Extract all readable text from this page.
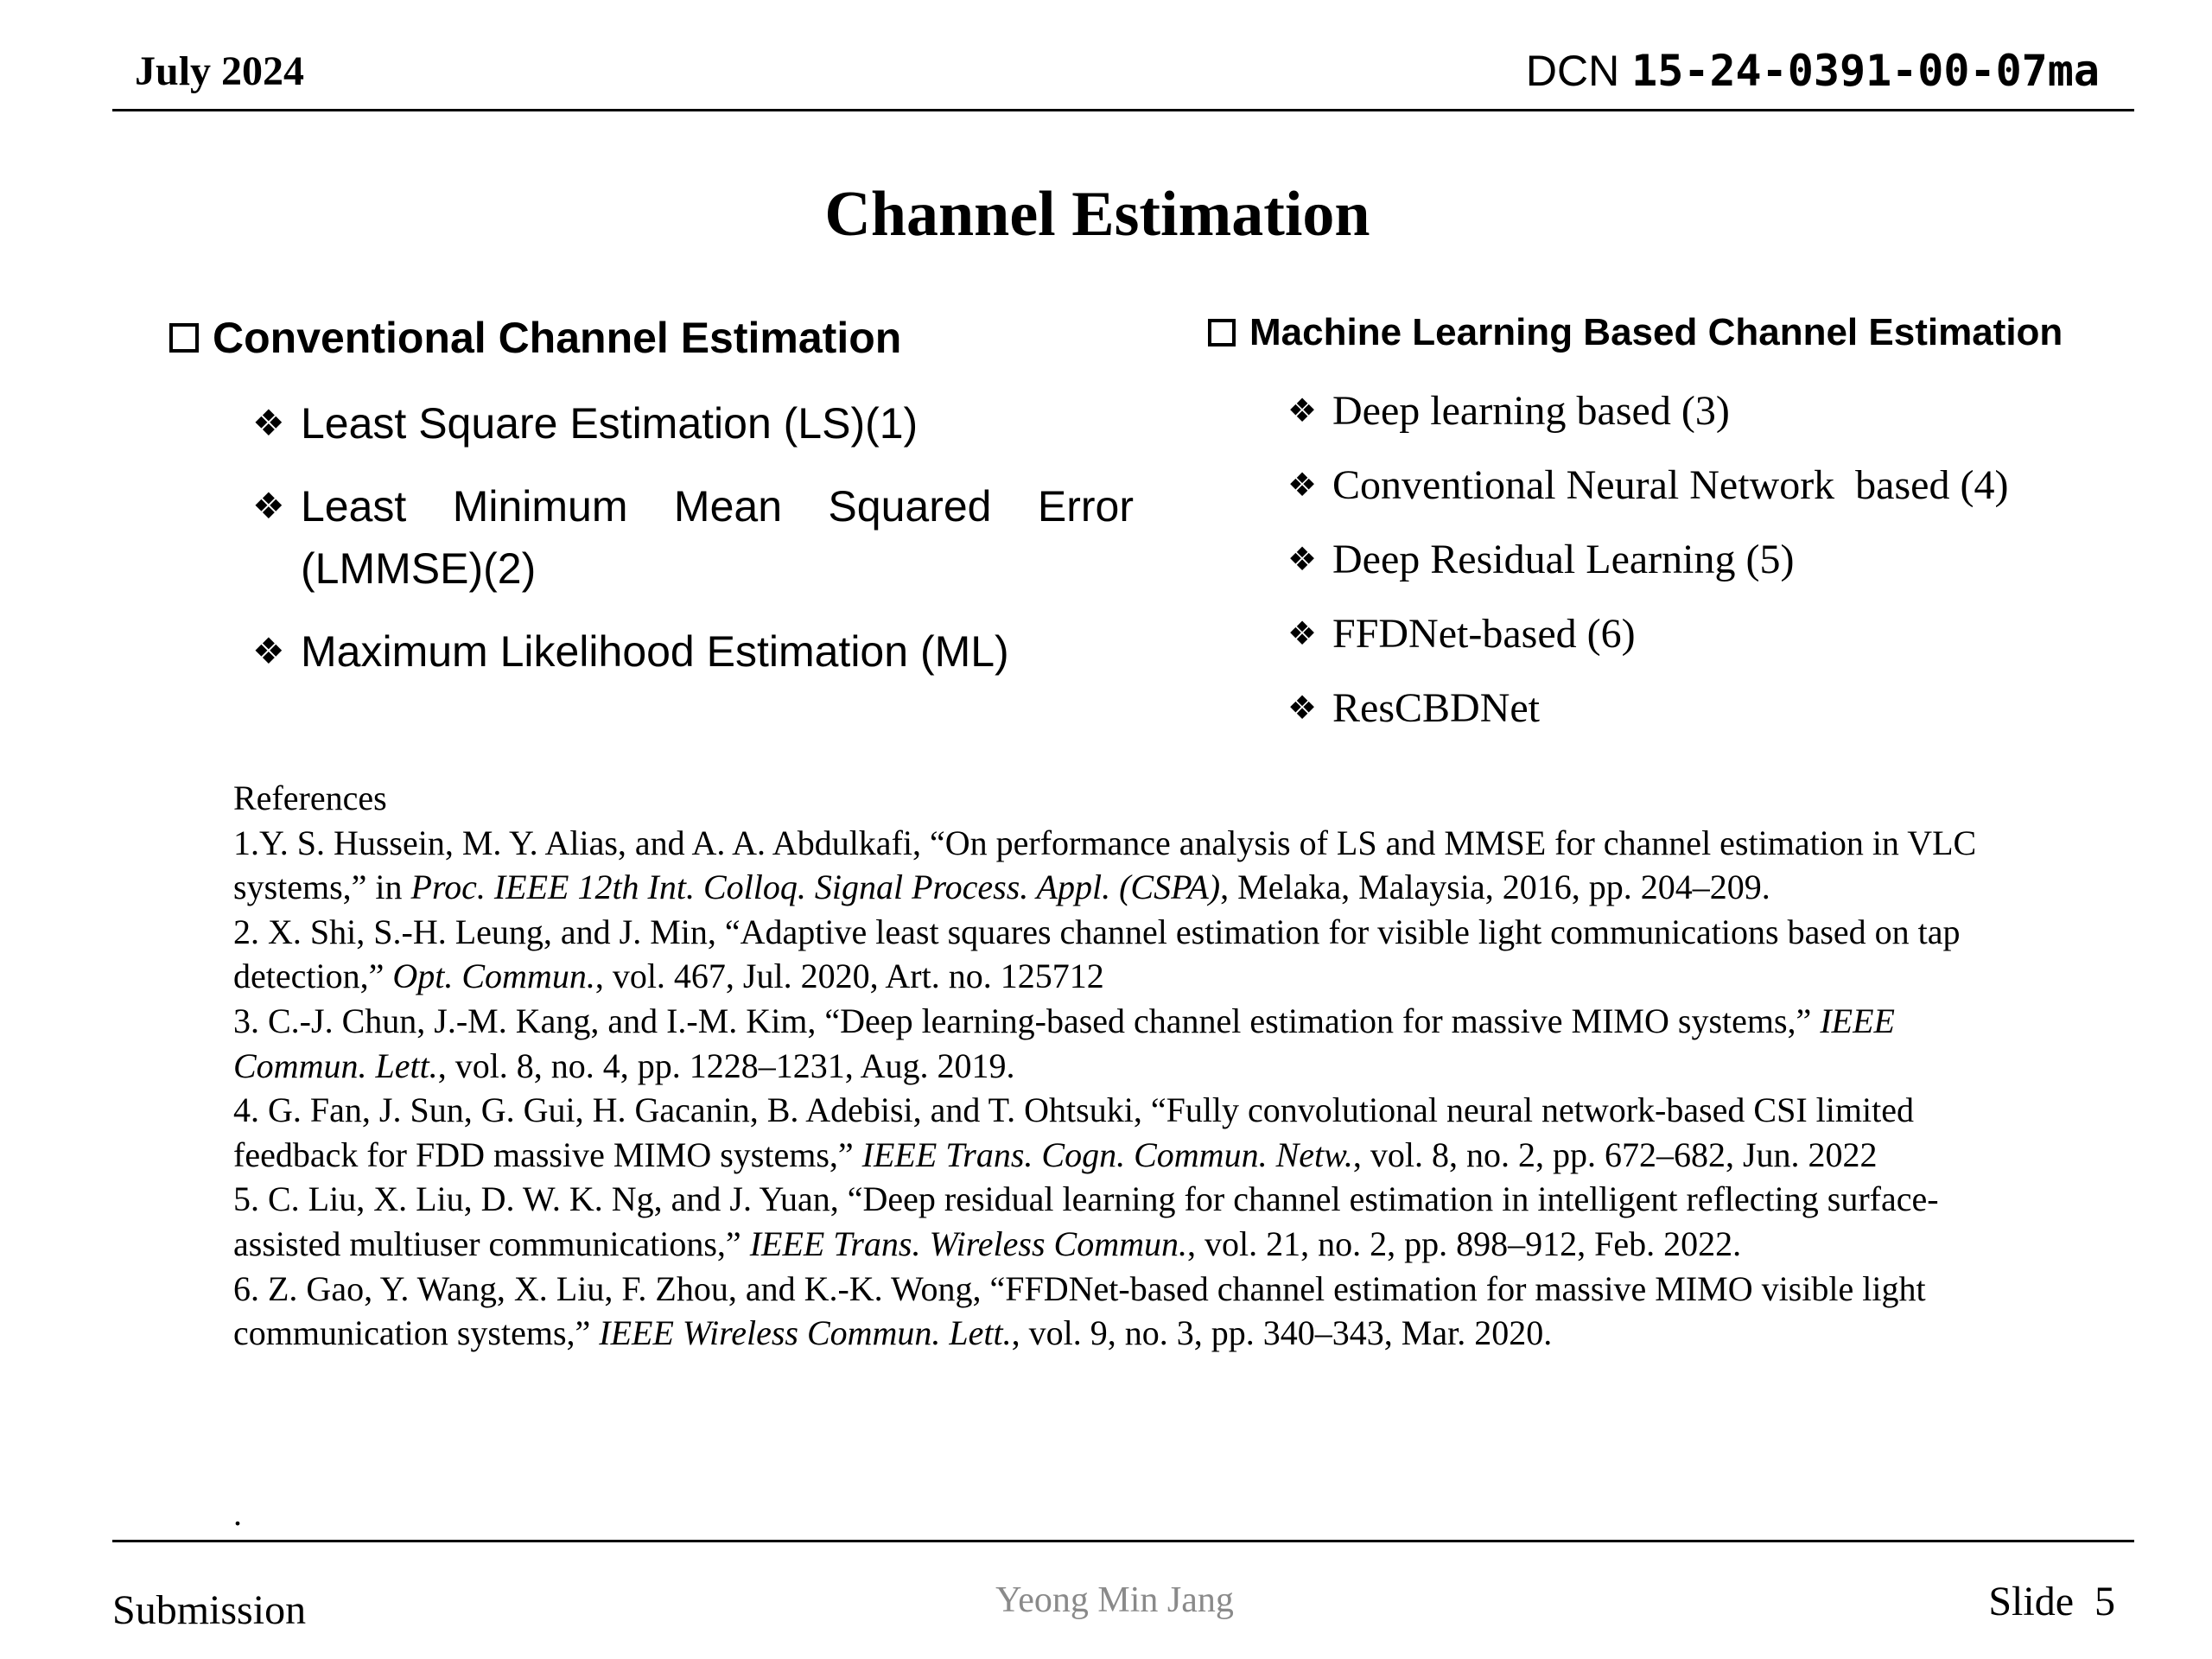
July 2024	DCN 15-24-0391-00-07ma
Channel Estimation
Conventional Channel Estimation
❖ Least Square Estimation (LS)(1)
❖ Least Minimum Mean Squared Error (LMMSE)(2)
❖ Maximum Likelihood Estimation (ML)
Machine Learning Based Channel Estimation
❖ Deep learning based (3)
❖ Conventional Neural Network  based (4)
❖ Deep Residual Learning (5)
❖ FFDNet-based (6)
❖ ResCBDNet

References

1.Y. S. Hussein, M. Y. Alias, and A. A. Abdulkafi, “On performance analysis of LS and MMSE for channel estimation in VLC systems,” in Proc. IEEE 12th Int. Colloq. Signal Process. Appl. (CSPA), Melaka, Malaysia, 2016, pp. 204–209.

2. X. Shi, S.-H. Leung, and J. Min, “Adaptive least squares channel estimation for visible light communications based on tap detection,” Opt. Commun., vol. 467, Jul. 2020, Art. no. 125712

3. C.-J. Chun, J.-M. Kang, and I.-M. Kim, “Deep learning-based channel estimation for massive MIMO systems,” IEEE Commun. Lett., vol. 8, no. 4, pp. 1228–1231, Aug. 2019.

4. G. Fan, J. Sun, G. Gui, H. Gacanin, B. Adebisi, and T. Ohtsuki, “Fully convolutional neural network-based CSI limited feedback for FDD massive MIMO systems,” IEEE Trans. Cogn. Commun. Netw., vol. 8, no. 2, pp. 672–682, Jun. 2022

5. C. Liu, X. Liu, D. W. K. Ng, and J. Yuan, “Deep residual learning for channel estimation in intelligent reflecting surface-assisted multiuser communications,” IEEE Trans. Wireless Commun., vol. 21, no. 2, pp. 898–912, Feb. 2022.

6. Z. Gao, Y. Wang, X. Liu, F. Zhou, and K.-K. Wong, “FFDNet-based channel estimation for massive MIMO visible light communication systems,” IEEE Wireless Commun. Lett., vol. 9, no. 3, pp. 340–343, Mar. 2020.

.
Submission	Yeong Min Jang	Slide  5
